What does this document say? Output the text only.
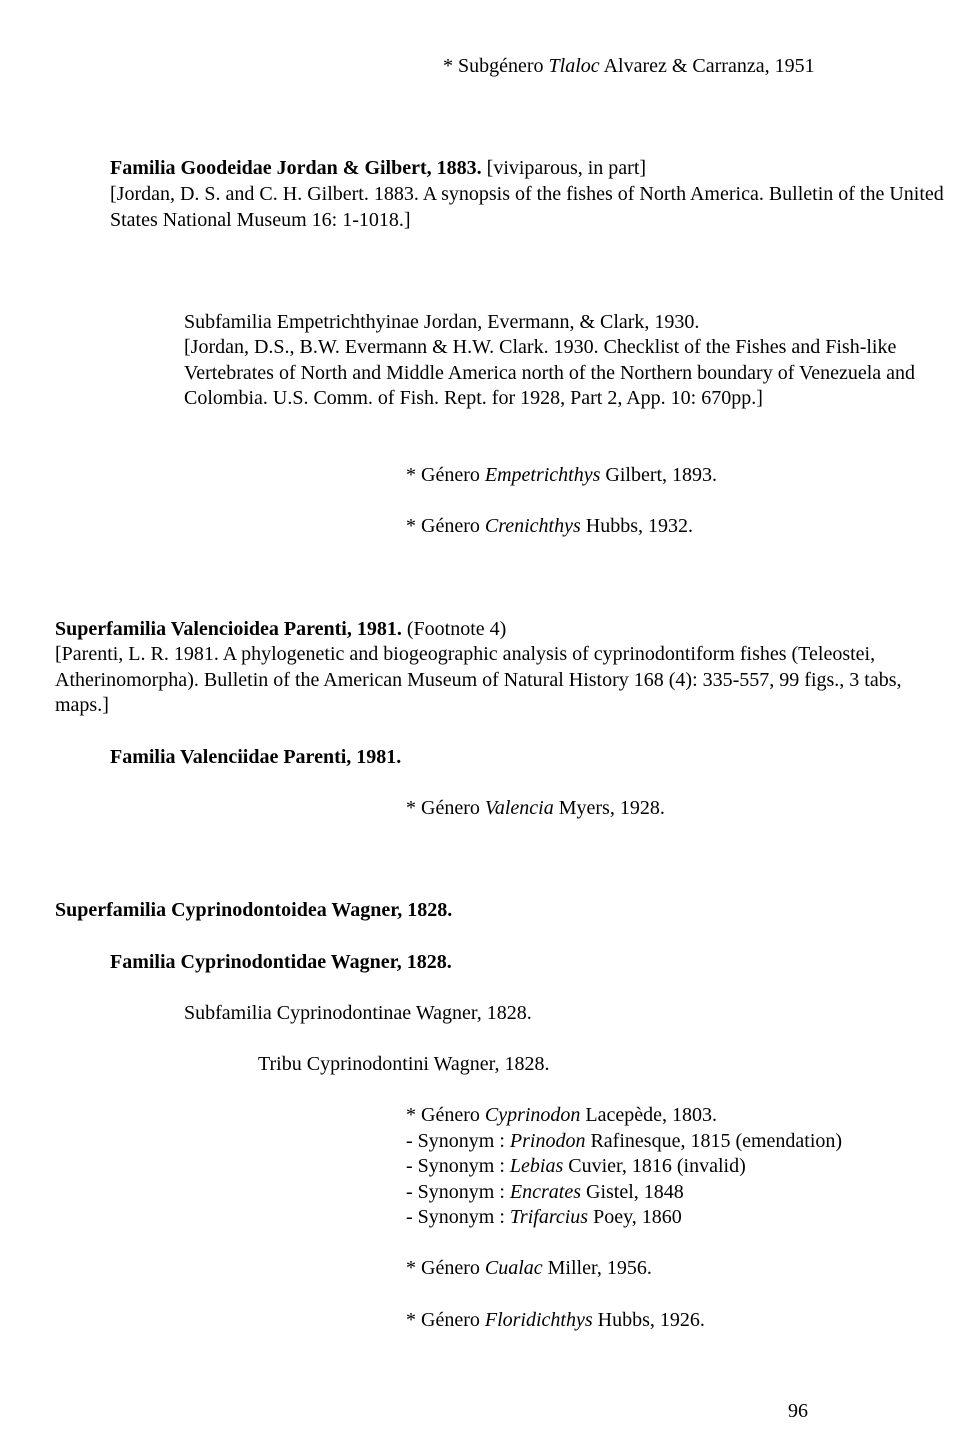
* Subgénero Tlaloc Alvarez & Carranza, 1951

Familia Goodeidae Jordan & Gilbert, 1883. [viviparous, in part]

[Jordan, D. S. and C. H. Gilbert. 1883. A synopsis of the fishes of North America. Bulletin of the United States National Museum 16: 1-1018.]

Subfamilia Empetrichthyinae Jordan, Evermann, & Clark, 1930.

[Jordan, D.S., B.W. Evermann & H.W. Clark. 1930. Checklist of the Fishes and Fish-like Vertebrates of North and Middle America north of the Northern boundary of Venezuela and Colombia. U.S. Comm. of Fish. Rept. for 1928, Part 2, App. 10: 670pp.]

* Género Empetrichthys Gilbert, 1893.

* Género Crenichthys Hubbs, 1932.

Superfamilia Valencioidea Parenti, 1981. (Footnote 4)

[Parenti, L. R. 1981. A phylogenetic and biogeographic analysis of cyprinodontiform fishes (Teleostei, Atherinomorpha). Bulletin of the American Museum of Natural History 168 (4): 335-557, 99 figs., 3 tabs, maps.]

Familia Valenciidae Parenti, 1981.

* Género Valencia Myers, 1928.

Superfamilia Cyprinodontoidea Wagner, 1828.

Familia Cyprinodontidae Wagner, 1828.

Subfamilia Cyprinodontinae Wagner, 1828.

Tribu Cyprinodontini Wagner, 1828.

* Género Cyprinodon Lacepède, 1803.

- Synonym : Prinodon Rafinesque, 1815 (emendation)

- Synonym : Lebias Cuvier, 1816 (invalid)

- Synonym : Encrates Gistel, 1848

- Synonym : Trifarcius Poey, 1860

* Género Cualac Miller, 1956.

* Género Floridichthys Hubbs, 1926.

96
